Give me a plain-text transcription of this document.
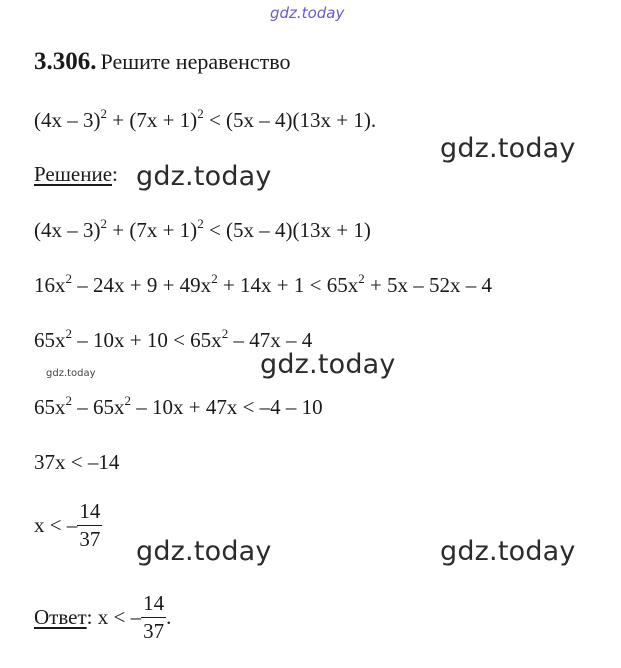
gdz.today
3.306. Решите неравенство
$(4x - 3)^2 + (7x + 1)^2 < (5x - 4)(13x + 1)$.
gdz.today
Решение: gdz.today
$(4x - 3)^2 + (7x + 1)^2 < (5x - 4)(13x + 1)$
$16x^2 - 24x + 9 + 49x^2 + 14x + 1 < 65x^2 + 5x - 52x - 4$
$65x^2 - 10x + 10 < 65x^2 - 47x - 4$
gdz.today
gdz.today
$65x^2 - 65x^2 - 10x + 47x < -4 - 10$
37x < –14
x < – $\frac{14}{37}$
gdz.today	gdz.today
Ответ: x < – $\frac{14}{37}$ .
